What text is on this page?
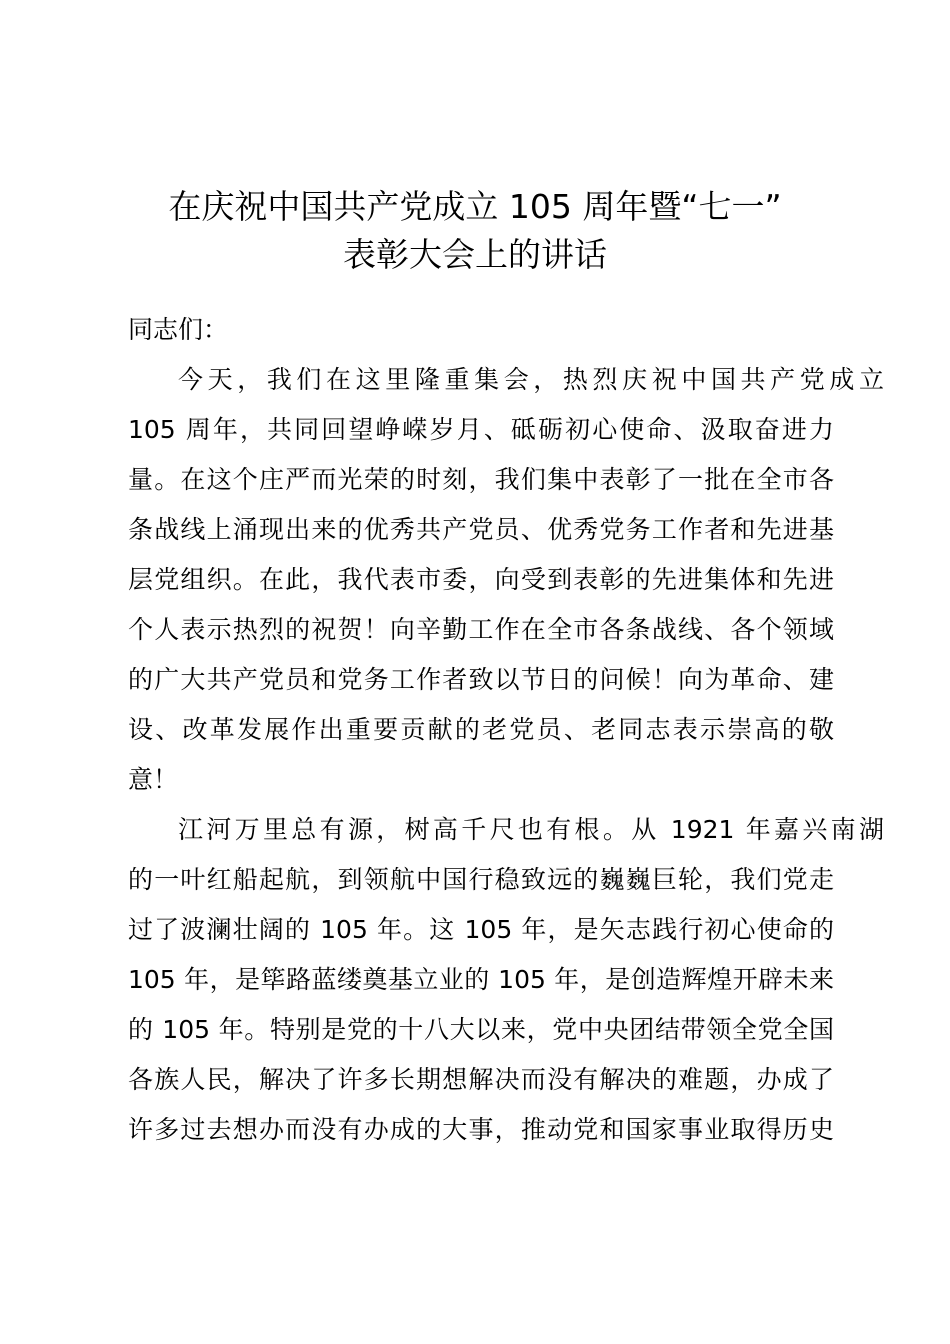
在庆祝中国共产党成立 105 周年暨“七一”
表彰大会上的讲话
同志们：
今天，我们在这里隆重集会，热烈庆祝中国共产党成立
105 周年，共同回望峥嵘岁月、砥砺初心使命、汲取奋进力
量。在这个庄严而光荣的时刻，我们集中表彰了一批在全市各
条战线上涌现出来的优秀共产党员、优秀党务工作者和先进基
层党组织。在此，我代表市委，向受到表彰的先进集体和先进
个人表示热烈的祝贺！向辛勤工作在全市各条战线、各个领域
的广大共产党员和党务工作者致以节日的问候！向为革命、建
设、改革发展作出重要贡献的老党员、老同志表示崇高的敬
意！
江河万里总有源，树高千尺也有根。从 1921 年嘉兴南湖
的一叶红船起航，到领航中国行稳致远的巍巍巨轮，我们党走
过了波澜壮阔的 105 年。这 105 年，是矢志践行初心使命的
105 年，是筚路蓝缕奠基立业的 105 年，是创造辉煌开辟未来
的 105 年。特别是党的十八大以来，党中央团结带领全党全国
各族人民，解决了许多长期想解决而没有解决的难题，办成了
许多过去想办而没有办成的大事，推动党和国家事业取得历史
